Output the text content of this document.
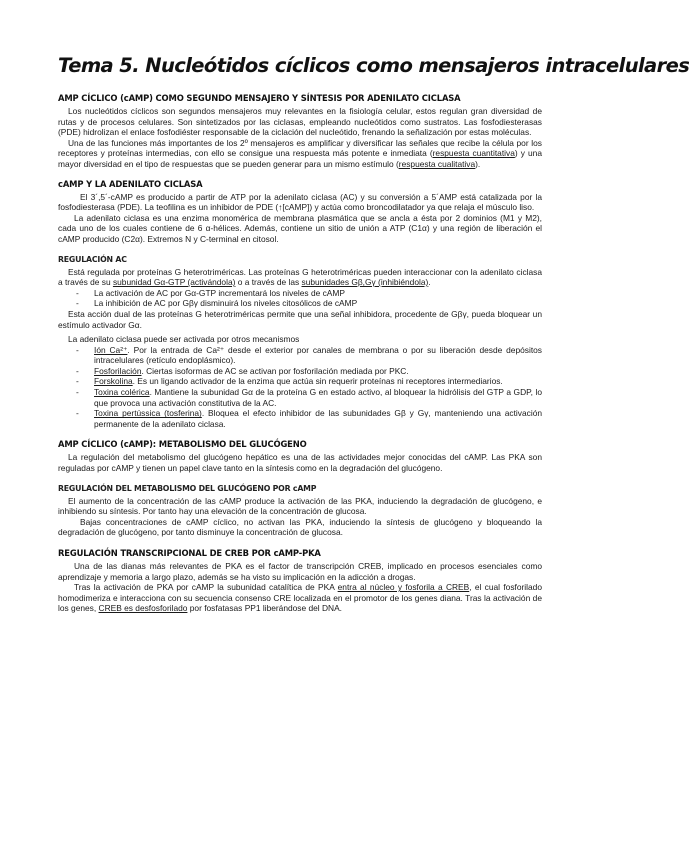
Tema 5. Nucleótidos cíclicos como mensajeros intracelulares
AMP CÍCLICO (cAMP) COMO SEGUNDO MENSAJERO Y SÍNTESIS POR ADENILATO CICLASA

Los nucleótidos cíclicos son segundos mensajeros muy relevantes en la fisiología celular, estos regulan gran diversidad de rutas y de procesos celulares. Son sintetizados por las ciclasas, empleando nucleótidos como sustratos. Las fosfodiesterasas (PDE) hidrolizan el enlace fosfodiéster responsable de la ciclación del nucleótido, frenando la señalización por estas moléculas.

Una de las funciones más importantes de los 2º mensajeros es amplificar y diversificar las señales que recibe la célula por los receptores y proteínas intermedias, con ello se consigue una respuesta más potente e inmediata (respuesta cuantitativa) y una mayor diversidad en el tipo de respuestas que se pueden generar para un mismo estímulo (respuesta cualitativa).

cAMP Y LA ADENILATO CICLASA

El 3´,5´-cAMP es producido a partir de ATP por la adenilato ciclasa (AC) y su conversión a 5´AMP está catalizada por la fosfodiesterasa (PDE). La teofilina es un inhibidor de PDE (↑[cAMP]) y actúa como broncodilatador ya que relaja el músculo liso.

La adenilato ciclasa es una enzima monomérica de membrana plasmática que se ancla a ésta por 2 dominios (M1 y M2), cada uno de los cuales contiene de 6 α-hélices. Además, contiene un sitio de unión a ATP (C1α) y una región de liberación el cAMP producido (C2α). Extremos N y C-terminal en citosol.

REGULACIÓN AC

Está regulada por proteínas G heterotriméricas. Las proteínas G heterotriméricas pueden interaccionar con la adenilato ciclasa a través de su subunidad Gα-GTP (activándola) o a través de las subunidades Gβ,Gγ (inhibiéndola).

- La activación de AC por Gα-GTP incrementará los niveles de cAMP
- La inhibición de AC por Gβγ disminuirá los niveles citosólicos de cAMP

Esta acción dual de las proteínas G heterotriméricas permite que una señal inhibidora, procedente de Gβγ, pueda bloquear un estímulo activador Gα.

La adenilato ciclasa puede ser activada por otros mecanismos

- Ión Ca²⁺. Por la entrada de Ca²⁺ desde el exterior por canales de membrana o por su liberación desde depósitos intracelulares (retículo endoplásmico).
- Fosforilación. Ciertas isoformas de AC se activan por fosforilación mediada por PKC.
- Forskolina. Es un ligando activador de la enzima que actúa sin requerir proteínas ni receptores intermediarios.
- Toxina colérica. Mantiene la subunidad Gα de la proteína G en estado activo, al bloquear la hidrólisis del GTP a GDP, lo que provoca una activación constitutiva de la AC.
- Toxina pertússica (tosferina). Bloquea el efecto inhibidor de las subunidades Gβ y Gγ, manteniendo una activación permanente de la adenilato ciclasa.
AMP CÍCLICO (cAMP): METABOLISMO DEL GLUCÓGENO

La regulación del metabolismo del glucógeno hepático es una de las actividades mejor conocidas del cAMP. Las PKA son reguladas por cAMP y tienen un papel clave tanto en la síntesis como en la degradación del glucógeno.

REGULACIÓN DEL METABOLISMO DEL GLUCÓGENO POR cAMP

El aumento de la concentración de las cAMP produce la activación de las PKA, induciendo la degradación de glucógeno, e inhibiendo su síntesis. Por tanto hay una elevación de la concentración de glucosa.

Bajas concentraciones de cAMP cíclico, no activan las PKA, induciendo la síntesis de glucógeno y bloqueando la degradación de glucógeno, por tanto disminuye la concentración de glucosa.

REGULACIÓN TRANSCRIPCIONAL DE CREB POR cAMP-PKA

Una de las dianas más relevantes de PKA es el factor de transcripción CREB, implicado en procesos esenciales como aprendizaje y memoria a largo plazo, además se ha visto su implicación en la adicción a drogas.

Tras la activación de PKA por cAMP la subunidad catalítica de PKA entra al núcleo y fosforila a CREB, el cual fosforilado homodimeriza e interacciona con su secuencia consenso CRE localizada en el promotor de los genes diana. Tras la activación de los genes, CREB es desfosforilado por fosfatasas PP1 liberándose del DNA.
